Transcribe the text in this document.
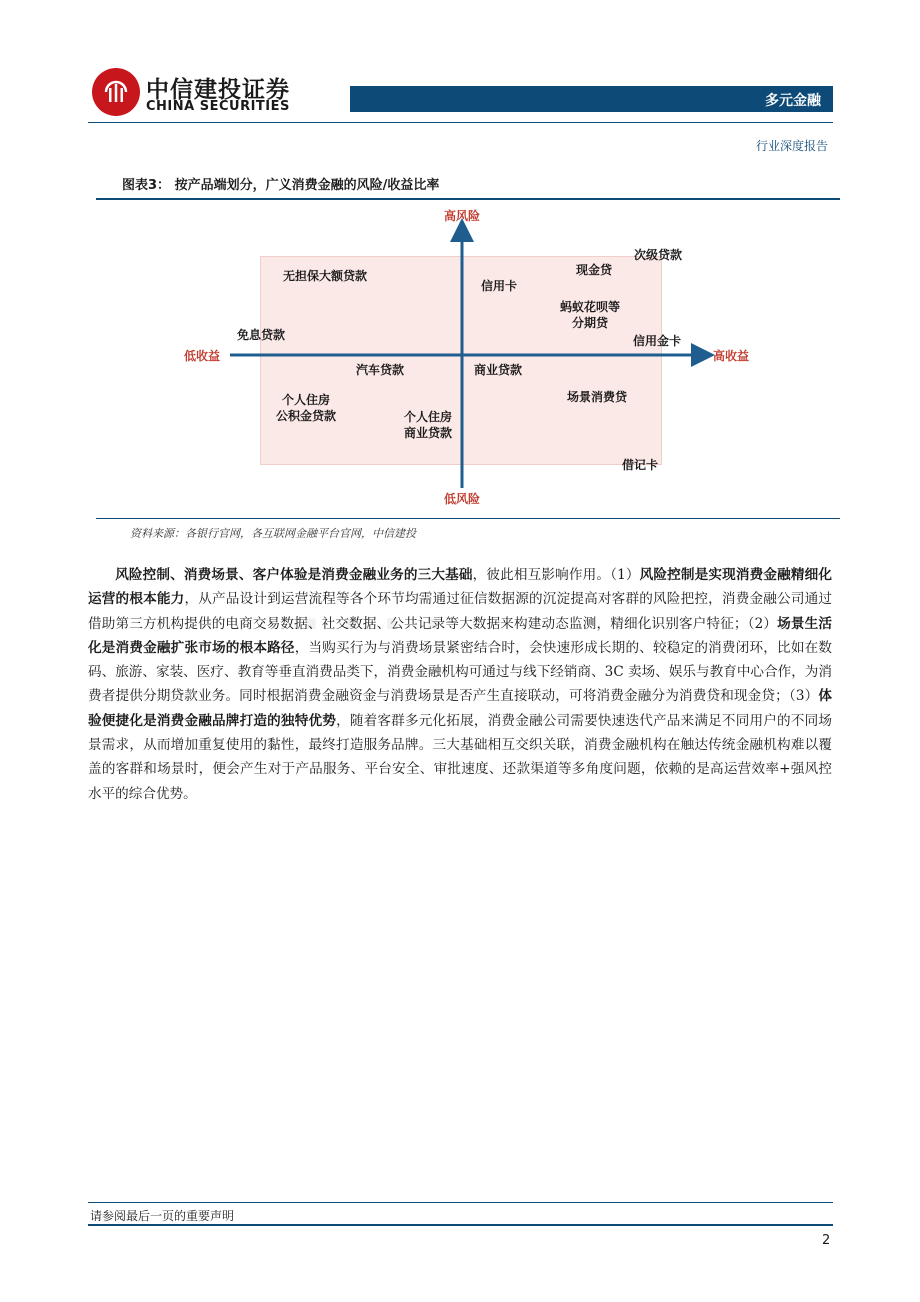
中信建投证券
CHINA SECURITIES	多元金融
行业深度报告
图表3： 按产品端划分，广义消费金融的风险/收益比率
高风险
低风险
低收益	高收益
无担保大额贷款
免息贷款
汽车贷款
个人住房
公积金贷款	个人住房
商业贷款
信用卡
现金贷
次级贷款
蚂蚁花呗等
分期贷
信用金卡
商业贷款
场景消费贷
借记卡
资料来源：各银行官网，各互联网金融平台官网，中信建投
· · · ·
风险控制、消费场景、客户体验是消费金融业务的三大基础，彼此相互影响作用。（1）风险控制是实现消费金融精细化运营的根本能力，从产品设计到运营流程等各个环节均需通过征信数据源的沉淀提高对客群的风险把控，消费金融公司通过借助第三方机构提供的电商交易数据、社交数据、公共记录等大数据来构建动态监测，精细化识别客户特征；（2）场景生活化是消费金融扩张市场的根本路径，当购买行为与消费场景紧密结合时，会快速形成长期的、较稳定的消费闭环，比如在数码、旅游、家装、医疗、教育等垂直消费品类下，消费金融机构可通过与线下经销商、3C 卖场、娱乐与教育中心合作，为消费者提供分期贷款业务。同时根据消费金融资金与消费场景是否产生直接联动，可将消费金融分为消费贷和现金贷；（3）体验便捷化是消费金融品牌打造的独特优势，随着客群多元化拓展，消费金融公司需要快速迭代产品来满足不同用户的不同场景需求，从而增加重复使用的黏性，最终打造服务品牌。三大基础相互交织关联，消费金融机构在触达传统金融机构难以覆盖的客群和场景时，便会产生对于产品服务、平台安全、审批速度、还款渠道等多角度问题，依赖的是高运营效率+强风控水平的综合优势。
请参阅最后一页的重要声明
2
